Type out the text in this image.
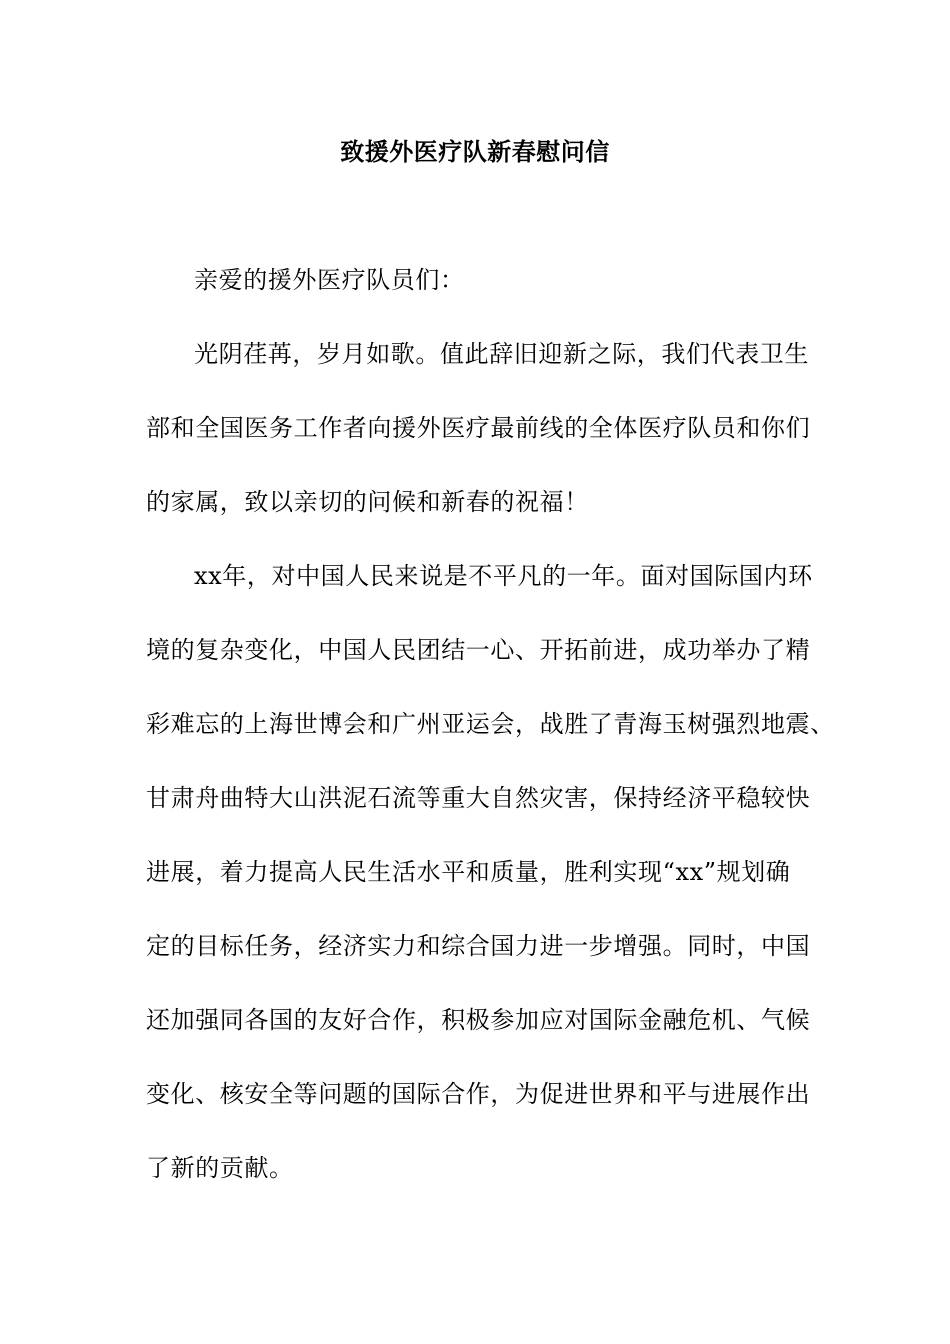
致援外医疗队新春慰问信
亲爱的援外医疗队员们：
光阴荏苒，岁月如歌。值此辞旧迎新之际，我们代表卫生
部和全国医务工作者向援外医疗最前线的全体医疗队员和你们
的家属，致以亲切的问候和新春的祝福！
xx年，对中国人民来说是不平凡的一年。面对国际国内环
境的复杂变化，中国人民团结一心、开拓前进，成功举办了精
彩难忘的上海世博会和广州亚运会，战胜了青海玉树强烈地震、
甘肃舟曲特大山洪泥石流等重大自然灾害，保持经济平稳较快
进展，着力提高人民生活水平和质量，胜利实现“xx”规划确
定的目标任务，经济实力和综合国力进一步增强。同时，中国
还加强同各国的友好合作，积极参加应对国际金融危机、气候
变化、核安全等问题的国际合作，为促进世界和平与进展作出
了新的贡献。
